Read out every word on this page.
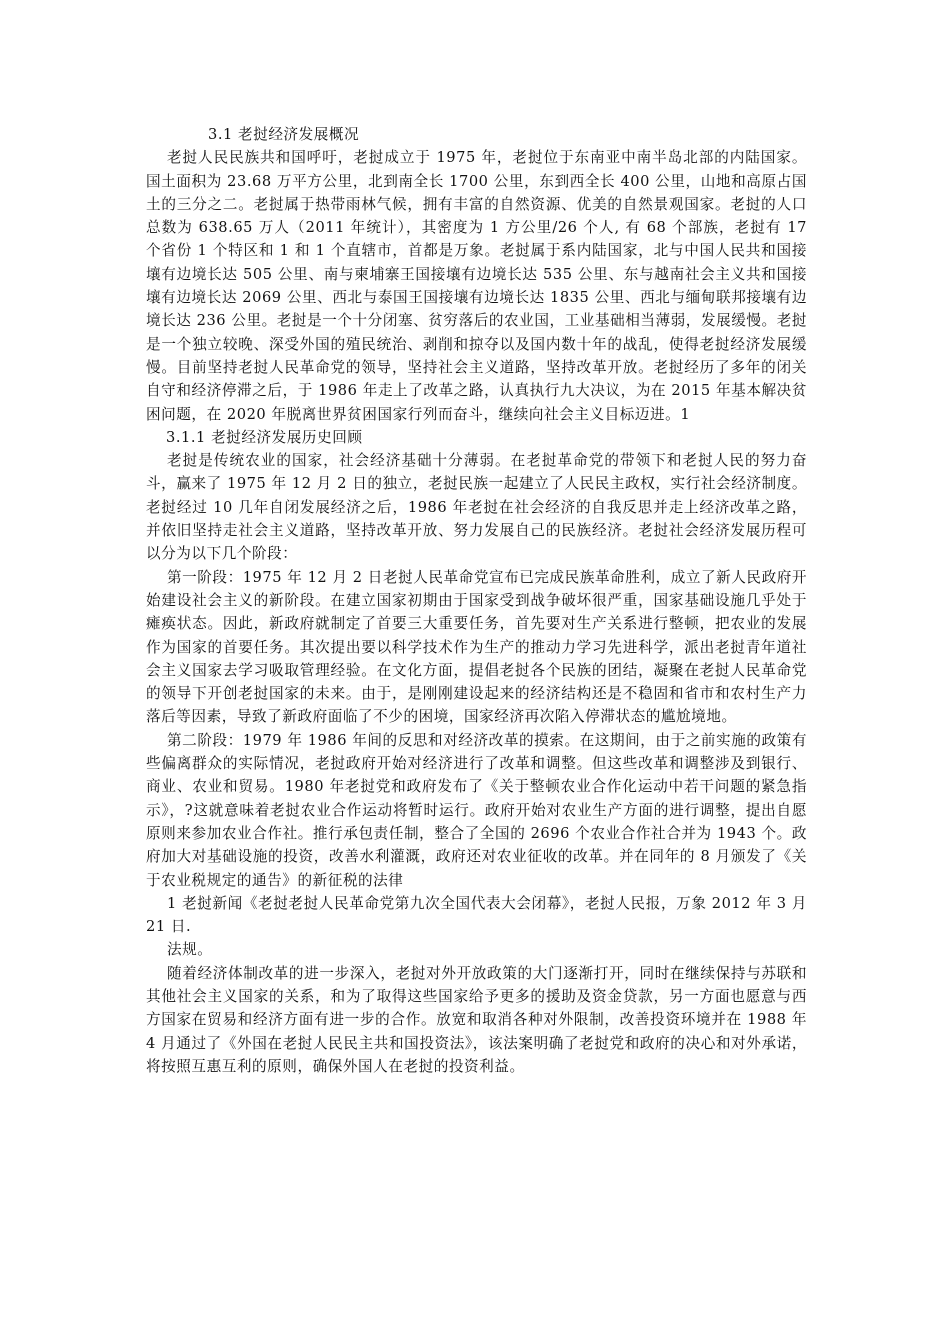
3.1 老挝经济发展概况

老挝人民民族共和国呼吁，老挝成立于 1975 年，老挝位于东南亚中南半岛北部的内陆国家。国土面积为 23.68 万平方公里，北到南全长 1700 公里，东到西全长 400 公里，山地和高原占国土的三分之二。老挝属于热带雨林气候，拥有丰富的自然资源、优美的自然景观国家。老挝的人口总数为 638.65 万人（2011 年统计），其密度为 1 方公里/26 个人, 有 68 个部族，老挝有 17 个省份 1 个特区和 1 和 1 个直辖市，首都是万象。老挝属于系内陆国家，北与中国人民共和国接壤有边境长达 505 公里、南与柬埔寨王国接壤有边境长达 535 公里、东与越南社会主义共和国接壤有边境长达 2069 公里、西北与泰国王国接壤有边境长达 1835 公里、西北与缅甸联邦接壤有边境长达 236 公里。老挝是一个十分闭塞、贫穷落后的农业国，工业基础相当薄弱，发展缓慢。老挝是一个独立较晚、深受外国的殖民统治、剥削和掠夺以及国内数十年的战乱，使得老挝经济发展缓慢。目前坚持老挝人民革命党的领导，坚持社会主义道路，坚持改革开放。老挝经历了多年的闭关自守和经济停滞之后，于 1986 年走上了改革之路，认真执行九大决议，为在 2015 年基本解决贫困问题，在 2020 年脱离世界贫困国家行列而奋斗，继续向社会主义目标迈进。1

3.1.1 老挝经济发展历史回顾

老挝是传统农业的国家，社会经济基础十分薄弱。在老挝革命党的带领下和老挝人民的努力奋斗，赢来了 1975 年 12 月 2 日的独立，老挝民族一起建立了人民民主政权，实行社会经济制度。老挝经过 10 几年自闭发展经济之后，1986 年老挝在社会经济的自我反思并走上经济改革之路，并依旧坚持走社会主义道路，坚持改革开放、努力发展自己的民族经济。老挝社会经济发展历程可以分为以下几个阶段：

第一阶段：1975 年 12 月 2 日老挝人民革命党宣布已完成民族革命胜利，成立了新人民政府开始建设社会主义的新阶段。在建立国家初期由于国家受到战争破坏很严重，国家基础设施几乎处于瘫痪状态。因此，新政府就制定了首要三大重要任务，首先要对生产关系进行整顿，把农业的发展作为国家的首要任务。其次提出要以科学技术作为生产的推动力学习先进科学，派出老挝青年道社会主义国家去学习吸取管理经验。在文化方面，提倡老挝各个民族的团结，凝聚在老挝人民革命党的领导下开创老挝国家的未来。由于，是刚刚建设起来的经济结构还是不稳固和省市和农村生产力落后等因素，导致了新政府面临了不少的困境，国家经济再次陷入停滞状态的尴尬境地。

第二阶段：1979 年 1986 年间的反思和对经济改革的摸索。在这期间，由于之前实施的政策有些偏离群众的实际情况，老挝政府开始对经济进行了改革和调整。但这些改革和调整涉及到银行、商业、农业和贸易。1980 年老挝党和政府发布了《关于整顿农业合作化运动中若干问题的紧急指示》，?这就意味着老挝农业合作运动将暂时运行。政府开始对农业生产方面的进行调整，提出自愿原则来参加农业合作社。推行承包责任制，整合了全国的 2696 个农业合作社合并为 1943 个。政府加大对基础设施的投资，改善水利灌溉，政府还对农业征收的改革。并在同年的 8 月颁发了《关于农业税规定的通告》的新征税的法律

1 老挝新闻《老挝老挝人民革命党第九次全国代表大会闭幕》，老挝人民报，万象 2012 年 3 月 21 日.

法规。

随着经济体制改革的进一步深入，老挝对外开放政策的大门逐渐打开，同时在继续保持与苏联和其他社会主义国家的关系，和为了取得这些国家给予更多的援助及资金贷款，另一方面也愿意与西方国家在贸易和经济方面有进一步的合作。放宽和取消各种对外限制，改善投资环境并在 1988 年 4 月通过了《外国在老挝人民民主共和国投资法》，该法案明确了老挝党和政府的决心和对外承诺，将按照互惠互利的原则，确保外国人在老挝的投资利益。
